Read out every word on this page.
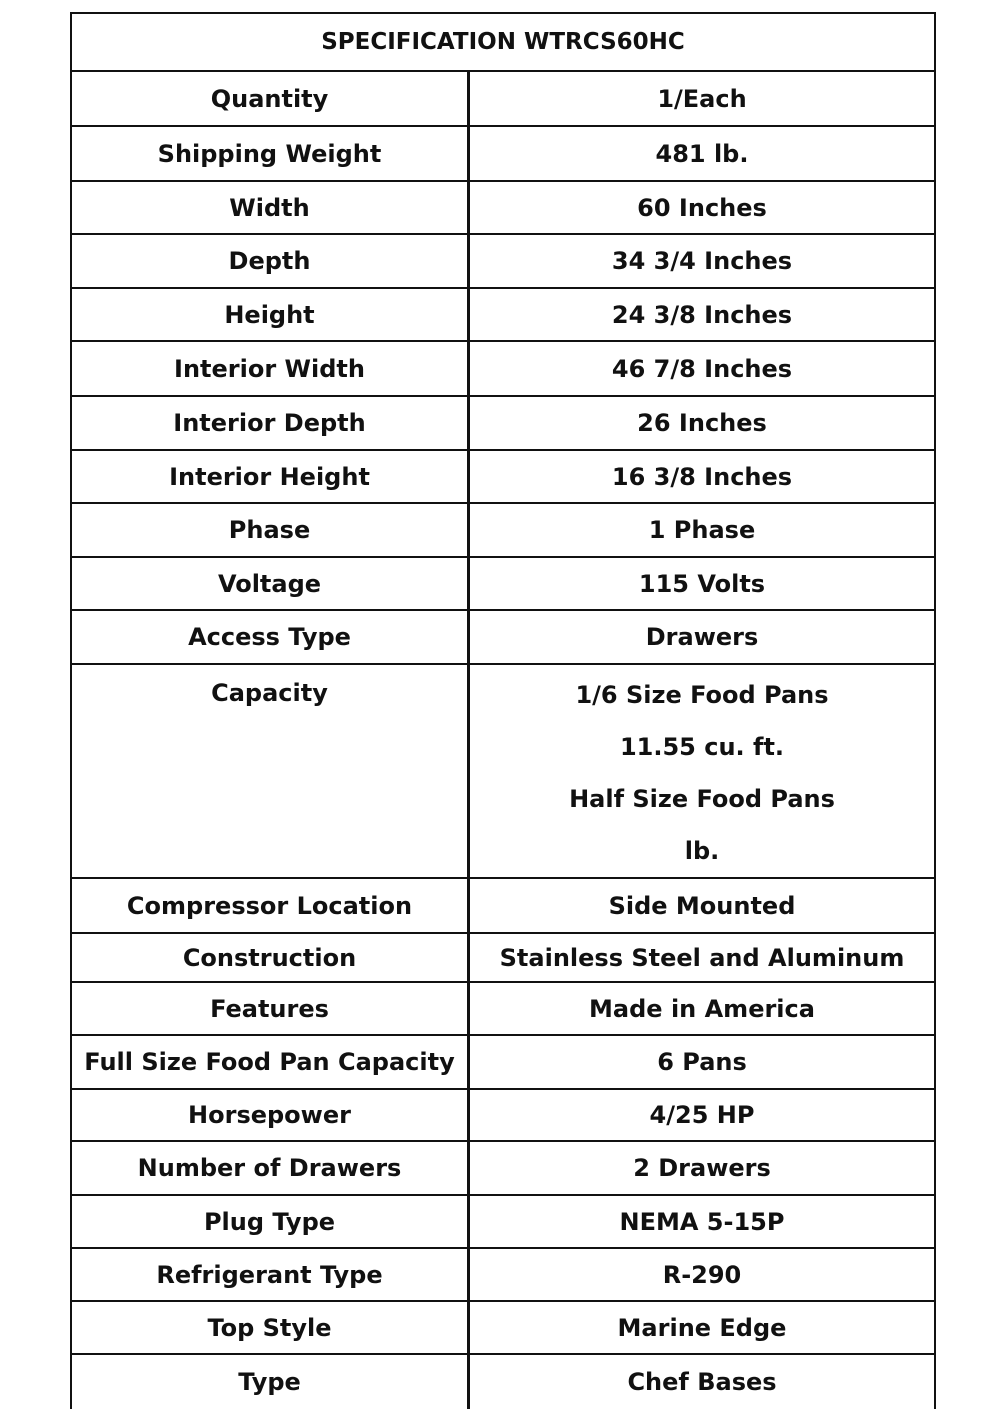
SPECIFICATION WTRCS60HC
Quantity	1/Each
Shipping Weight	481 lb.
Width	60 Inches
Depth	34 3/4 Inches
Height	24 3/8 Inches
Interior Width	46 7/8 Inches
Interior Depth	26 Inches
Interior Height	16 3/8 Inches
Phase	1 Phase
Voltage	115 Volts
Access Type	Drawers
Capacity	1/6 Size Food Pans
11.55 cu. ft.
Half Size Food Pans
lb.
Compressor Location	Side Mounted
Construction	Stainless Steel and Aluminum
Features	Made in America
Full Size Food Pan Capacity	6 Pans
Horsepower	4/25 HP
Number of Drawers	2 Drawers
Plug Type	NEMA 5-15P
Refrigerant Type	R-290
Top Style	Marine Edge
Type	Chef Bases
